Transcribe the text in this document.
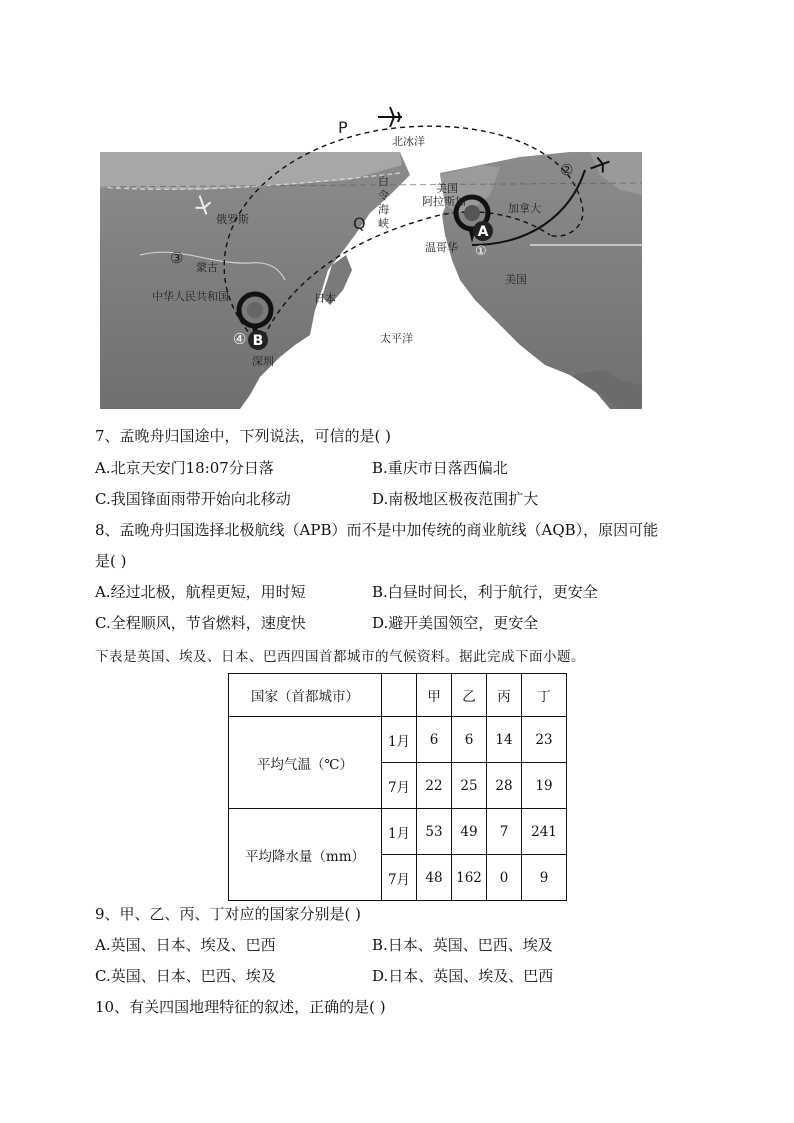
A
B
P
Q
北冰洋
白
令
海
峡
美国
阿拉斯加
加拿大
俄罗斯
蒙古
中华人民共和国	日本
太平洋
温哥华
美国
深圳
①
②
③
④
7、孟晚舟归国途中，下列说法，可信的是( )
A.北京天安门18:07分日落	B.重庆市日落西偏北
C.我国锋面雨带开始向北移动	D.南极地区极夜范围扩大
8、孟晚舟归国选择北极航线（APB）而不是中加传统的商业航线（AQB），原因可能
是( )
A.经过北极，航程更短，用时短	B.白昼时间长，利于航行，更安全
C.全程顺风，节省燃料，速度快	D.避开美国领空，更安全
下表是英国、埃及、日本、巴西四国首都城市的气候资料。据此完成下面小题。
国家（首都城市）		甲	乙	丙	丁
平均气温（℃）	1月	6	6	14	23
	7月	22	25	28	19
平均降水量（mm）	1月	53	49	7	241
	7月	48	162	0	9
9、甲、乙、丙、丁对应的国家分别是( )
A.英国、日本、埃及、巴西	B.日本、英国、巴西、埃及
C.英国、日本、巴西、埃及	D.日本、英国、埃及、巴西
10、有关四国地理特征的叙述，正确的是( )
